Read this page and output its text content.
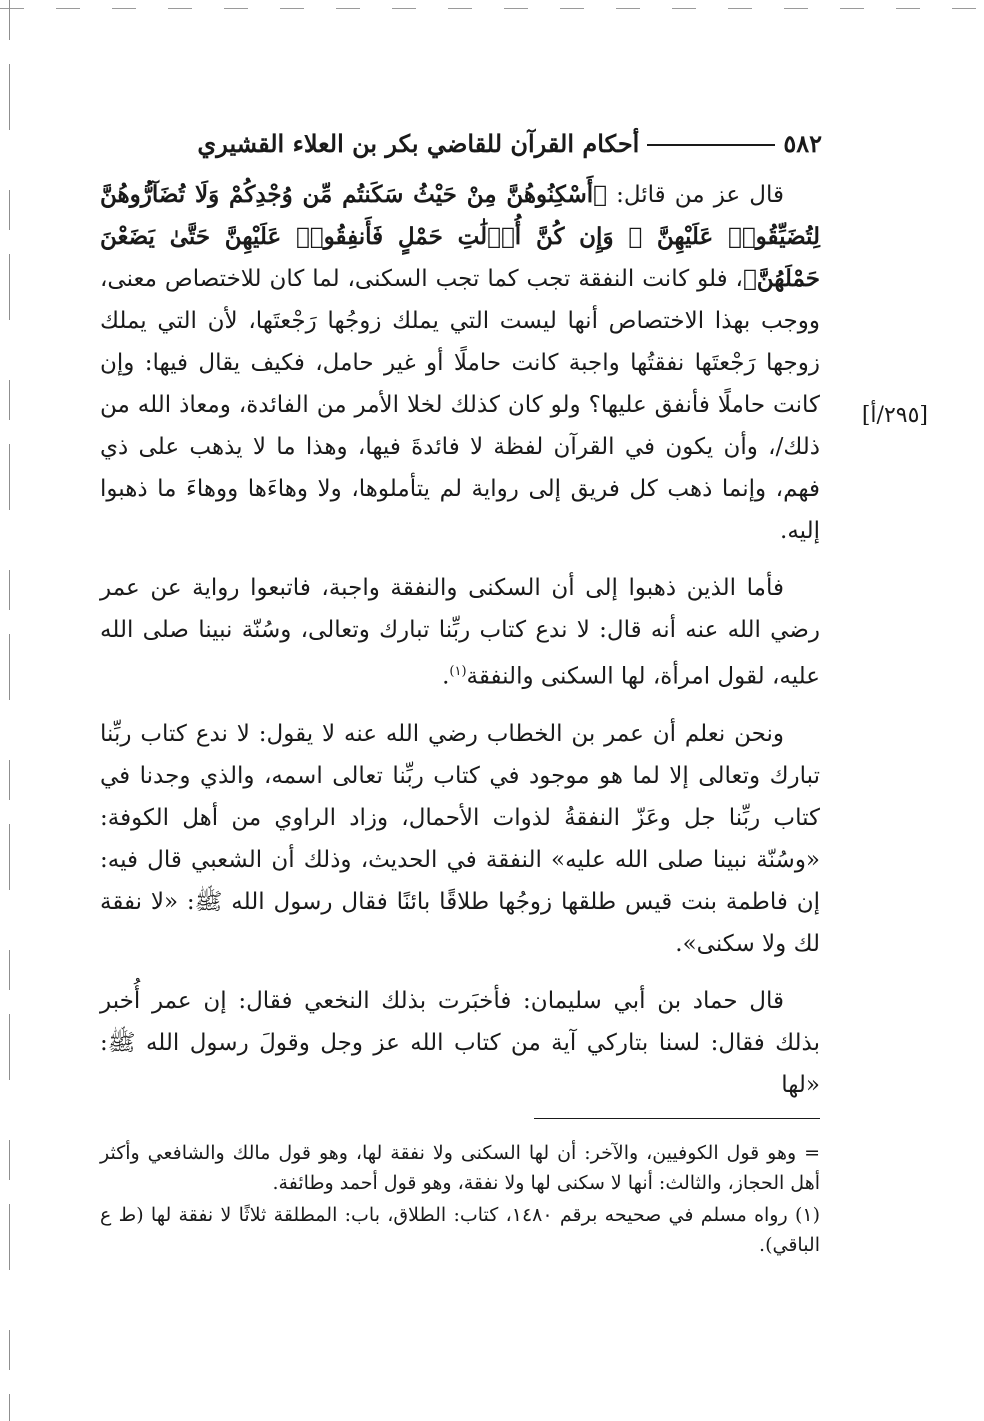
٥٨٢
أحكام القرآن للقاضي بكر بن العلاء القشيري
[٢٩٥/أ]

قال عز من قائل: ﴿أَسْكِنُوهُنَّ مِنْ حَيْثُ سَكَنتُم مِّن وُجْدِكُمْ وَلَا تُضَآرُّوهُنَّ لِتُضَيِّقُوا۟ عَلَيْهِنَّ ۚ وَإِن كُنَّ أُو۟لَٰتِ حَمْلٍ فَأَنفِقُوا۟ عَلَيْهِنَّ حَتَّىٰ يَضَعْنَ حَمْلَهُنَّ﴾، فلو كانت النفقة تجب كما تجب السكنى، لما كان للاختصاص معنى، ووجب بهذا الاختصاص أنها ليست التي يملك زوجُها رَجْعتَها، لأن التي يملك زوجها رَجْعتَها نفقتُها واجبة كانت حاملًا أو غير حامل، فكيف يقال فيها: وإن كانت حاملًا فأنفق عليها؟ ولو كان كذلك لخلا الأمر من الفائدة، ومعاذ الله من ذلك/، وأن يكون في القرآن لفظة لا فائدةَ فيها، وهذا ما لا يذهب على ذي فهم، وإنما ذهب كل فريق إلى رواية لم يتأملوها، ولا وهاءَها ووهاءَ ما ذهبوا إليه.

فأما الذين ذهبوا إلى أن السكنى والنفقة واجبة، فاتبعوا رواية عن عمر رضي الله عنه أنه قال: لا ندع كتاب ربِّنا تبارك وتعالى، وسُنّة نبينا صلى الله عليه، لقول امرأة، لها السكنى والنفقة$^{(١)}$.

ونحن نعلم أن عمر بن الخطاب رضي الله عنه لا يقول: لا ندع كتاب ربِّنا تبارك وتعالى إلا لما هو موجود في كتاب ربِّنا تعالى اسمه، والذي وجدنا في كتاب ربِّنا جل وعَزّ النفقةُ لذوات الأحمال، وزاد الراوي من أهل الكوفة: «وسُنّة نبينا صلى الله عليه» النفقة في الحديث، وذلك أن الشعبي قال فيه: إن فاطمة بنت قيس طلقها زوجُها طلاقًا بائنًا فقال رسول الله ﷺ: «لا نفقة لك ولا سكنى».

قال حماد بن أبي سليمان: فأخبَرت بذلك النخعي فقال: إن عمر أُخبر بذلك فقال: لسنا بتاركي آية من كتاب الله عز وجل وقولَ رسول الله ﷺ: «لها

= وهو قول الكوفيين، والآخر: أن لها السكنى ولا نفقة لها، وهو قول مالك والشافعي وأكثر أهل الحجاز، والثالث: أنها لا سكنى لها ولا نفقة، وهو قول أحمد وطائفة.

(١) رواه مسلم في صحيحه برقم ١٤٨٠، كتاب: الطلاق، باب: المطلقة ثلاثًا لا نفقة لها (ط ع الباقي).
